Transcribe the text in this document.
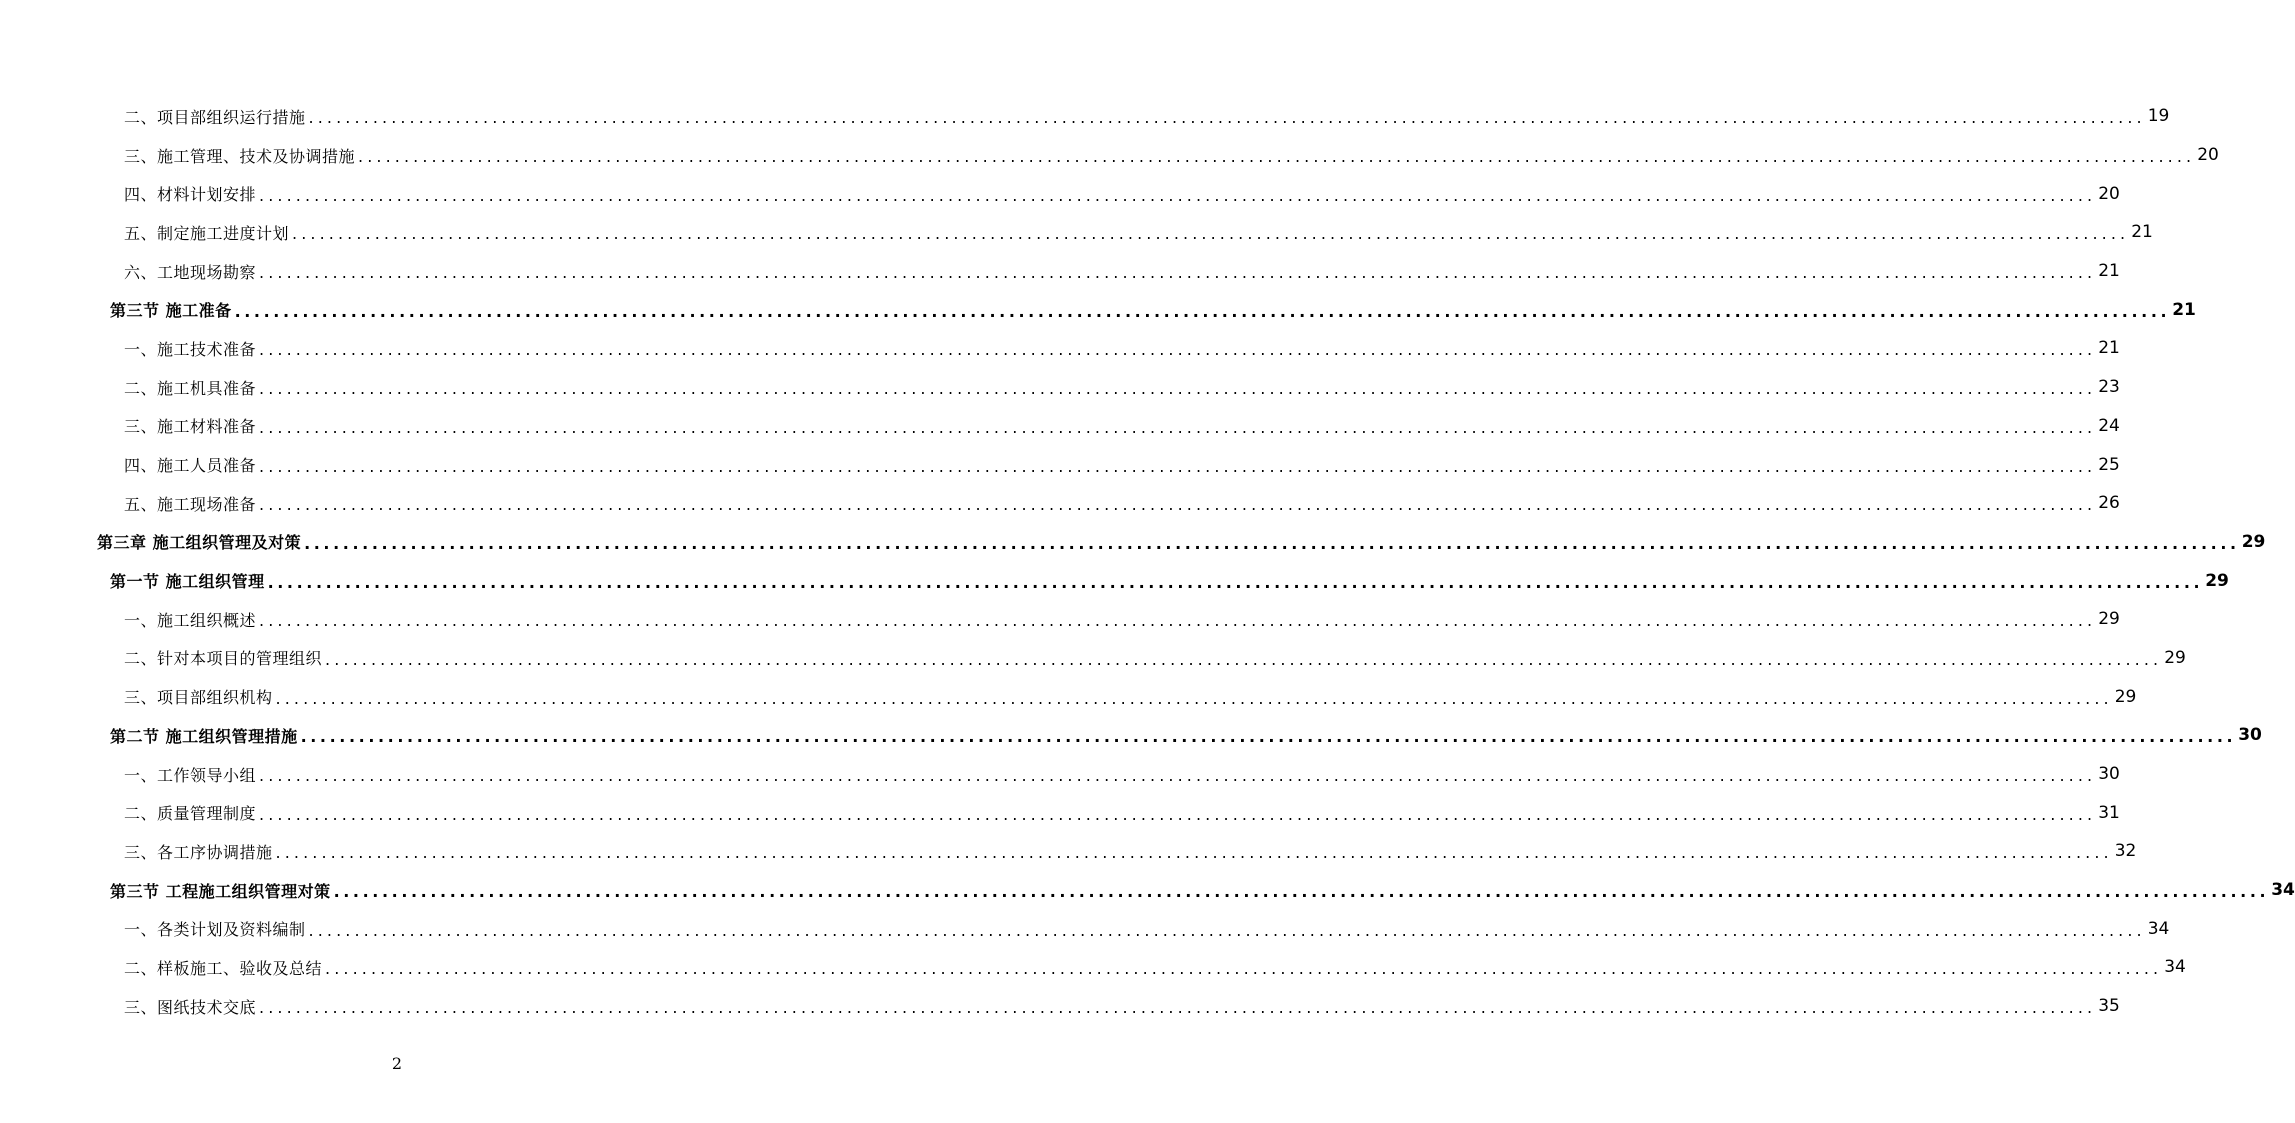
二、项目部组织运行措施 ........................................................................................................................................................................................................ 19
三、施工管理、技术及协调措施 ........................................................................................................................................................................................................ 20
四、材料计划安排 ........................................................................................................................................................................................................ 20
五、制定施工进度计划 ........................................................................................................................................................................................................ 21
六、工地现场勘察 ........................................................................................................................................................................................................ 21
第三节 施工准备 ........................................................................................................................................................................................................ 21
一、施工技术准备 ........................................................................................................................................................................................................ 21
二、施工机具准备 ........................................................................................................................................................................................................ 23
三、施工材料准备 ........................................................................................................................................................................................................ 24
四、施工人员准备 ........................................................................................................................................................................................................ 25
五、施工现场准备 ........................................................................................................................................................................................................ 26
第三章 施工组织管理及对策 ........................................................................................................................................................................................................ 29
第一节 施工组织管理 ........................................................................................................................................................................................................ 29
一、施工组织概述 ........................................................................................................................................................................................................ 29
二、针对本项目的管理组织 ........................................................................................................................................................................................................ 29
三、项目部组织机构 ........................................................................................................................................................................................................ 29
第二节 施工组织管理措施 ........................................................................................................................................................................................................ 30
一、工作领导小组 ........................................................................................................................................................................................................ 30
二、质量管理制度 ........................................................................................................................................................................................................ 31
三、各工序协调措施 ........................................................................................................................................................................................................ 32
第三节 工程施工组织管理对策 ........................................................................................................................................................................................................ 34
一、各类计划及资料编制 ........................................................................................................................................................................................................ 34
二、样板施工、验收及总结 ........................................................................................................................................................................................................ 34
三、图纸技术交底 ........................................................................................................................................................................................................ 35
2
